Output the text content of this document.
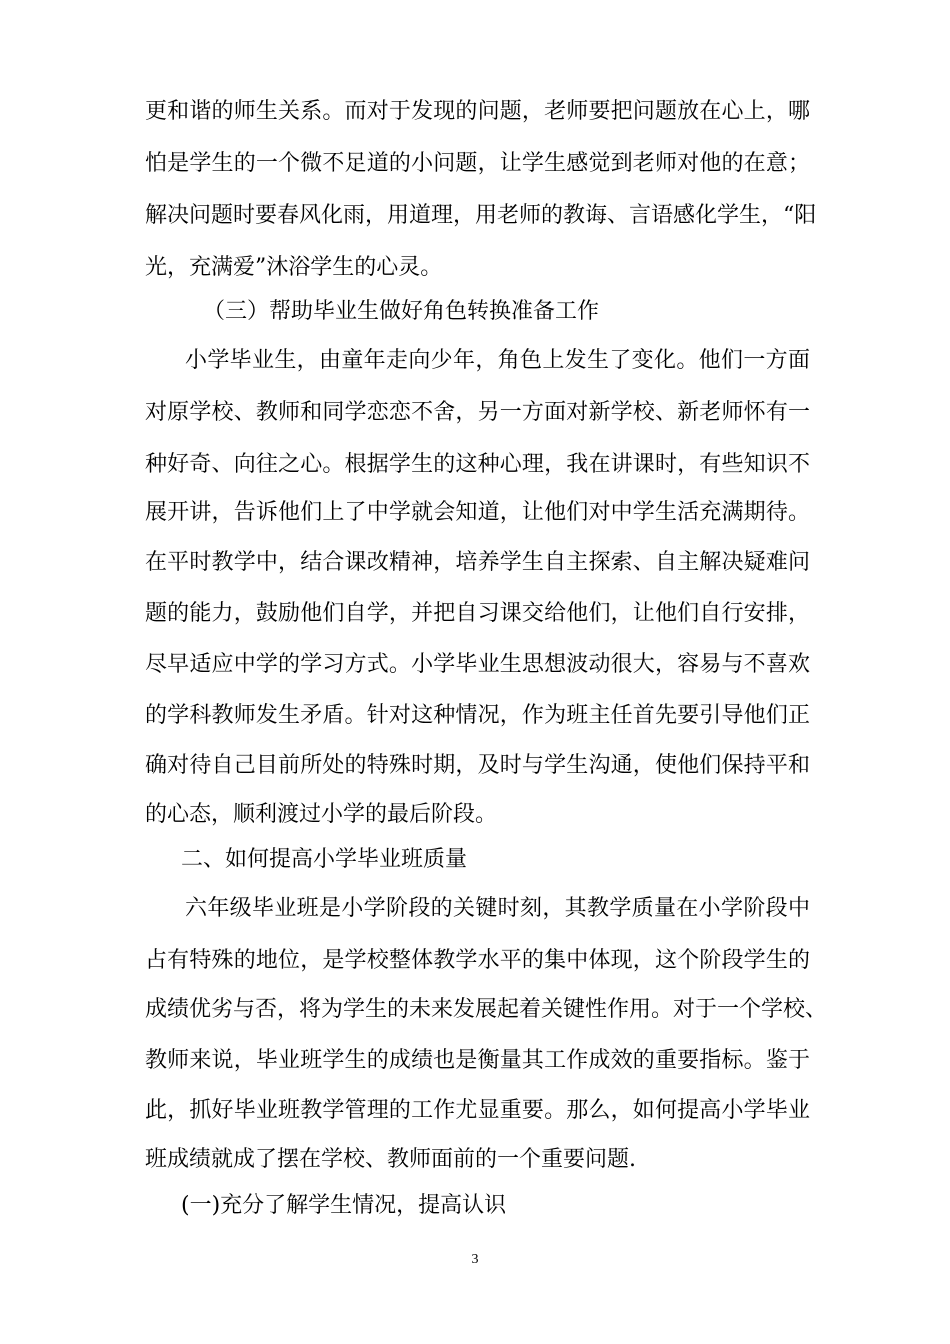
更和谐的师生关系。而对于发现的问题，老师要把问题放在心上，哪
怕是学生的一个微不足道的小问题，让学生感觉到老师对他的在意；
解决问题时要春风化雨，用道理，用老师的教诲、言语感化学生，“阳
光，充满爱”沐浴学生的心灵。
（三）帮助毕业生做好角色转换准备工作
小学毕业生，由童年走向少年，角色上发生了变化。他们一方面
对原学校、教师和同学恋恋不舍，另一方面对新学校、新老师怀有一
种好奇、向往之心。根据学生的这种心理，我在讲课时，有些知识不
展开讲，告诉他们上了中学就会知道，让他们对中学生活充满期待。
在平时教学中，结合课改精神，培养学生自主探索、自主解决疑难问
题的能力，鼓励他们自学，并把自习课交给他们，让他们自行安排，
尽早适应中学的学习方式。小学毕业生思想波动很大，容易与不喜欢
的学科教师发生矛盾。针对这种情况，作为班主任首先要引导他们正
确对待自己目前所处的特殊时期，及时与学生沟通，使他们保持平和
的心态，顺利渡过小学的最后阶段。
二、如何提高小学毕业班质量
六年级毕业班是小学阶段的关键时刻，其教学质量在小学阶段中
占有特殊的地位，是学校整体教学水平的集中体现，这个阶段学生的
成绩优劣与否，将为学生的未来发展起着关键性作用。对于一个学校、
教师来说，毕业班学生的成绩也是衡量其工作成效的重要指标。鉴于
此，抓好毕业班教学管理的工作尤显重要。那么，如何提高小学毕业
班成绩就成了摆在学校、教师面前的一个重要问题.
(一)充分了解学生情况，提高认识
3
